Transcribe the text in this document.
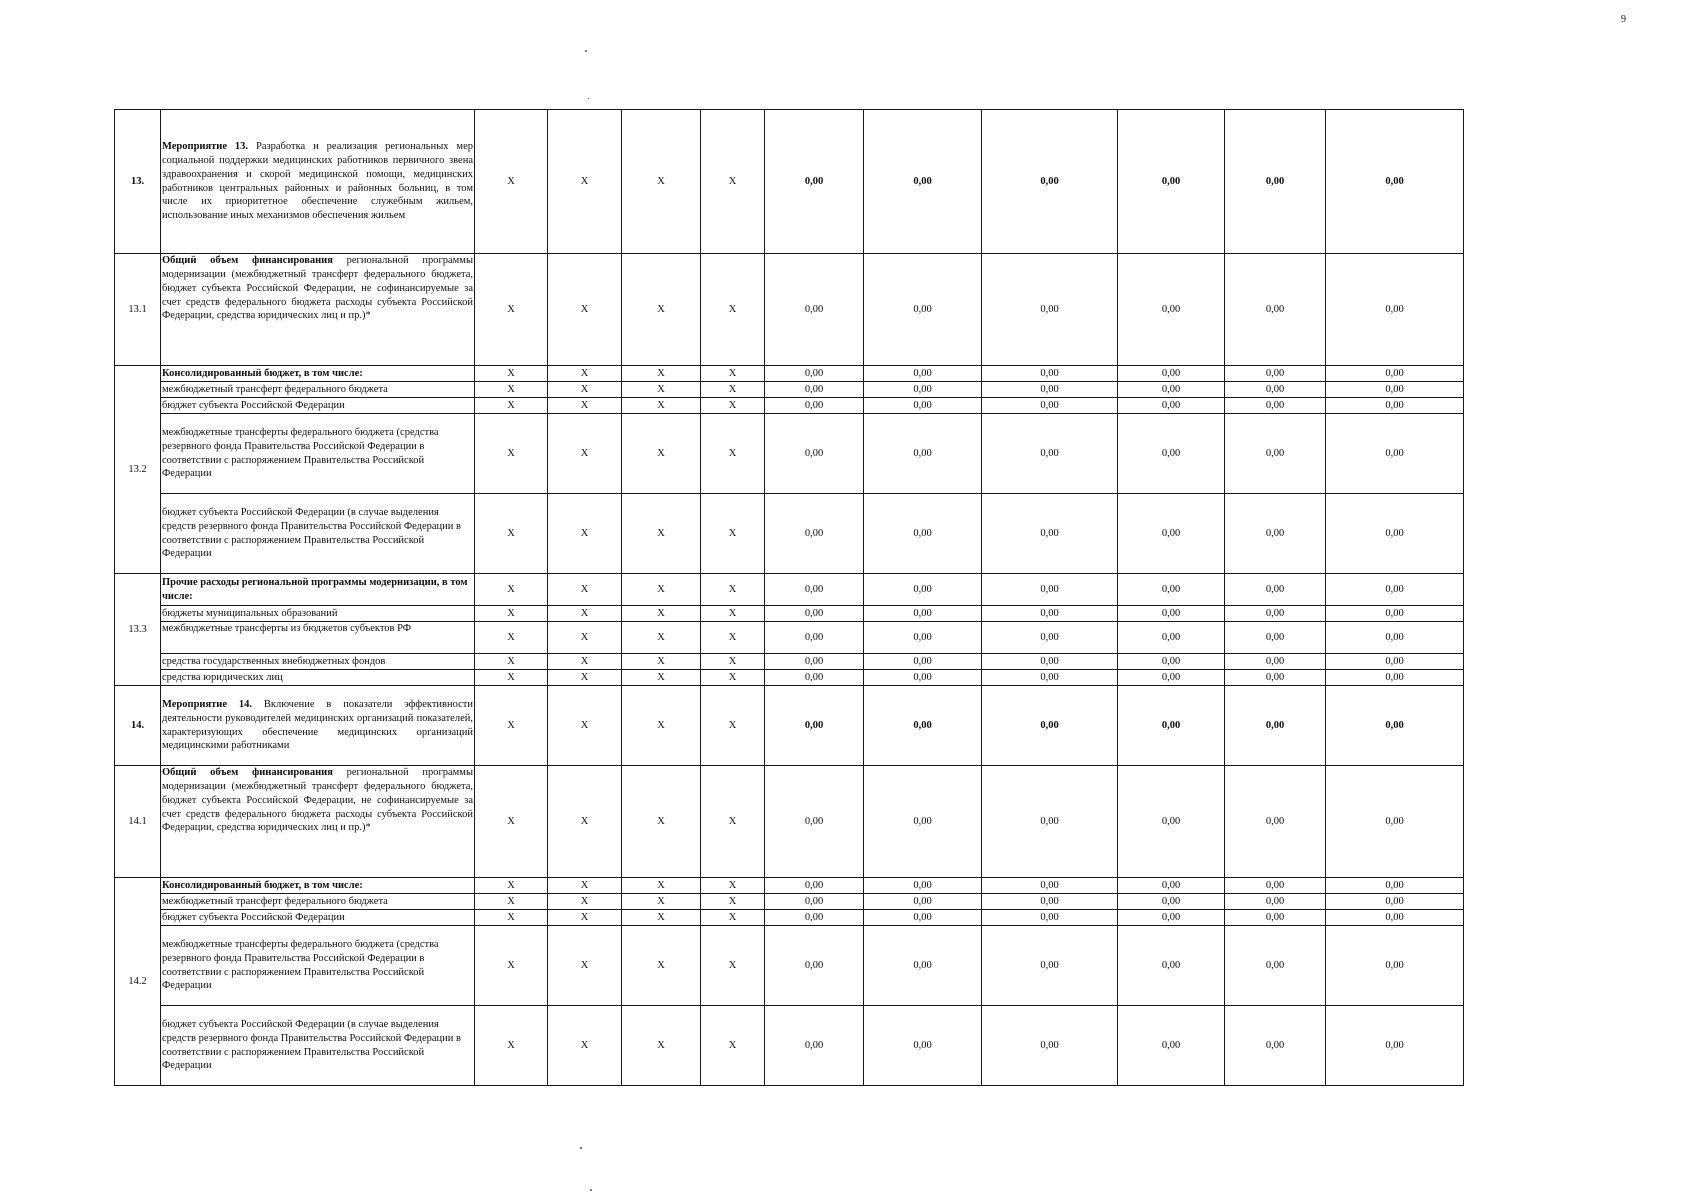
9
13.	Мероприятие 13. Разработка и реализация региональных мер социальной поддержки медицинских работников первичного звена здравоохранения и скорой медицинской помощи, медицинских работников центральных районных и районных больниц, в том числе их приоритетное обеспечение служебным жильем, использование иных механизмов обеспечения жильем	X	X	X	X	0,00	0,00	0,00	0,00	0,00	0,00
13.1	Общий объем финансирования региональной программы модернизации (межбюджетный трансферт федерального бюджета, бюджет субъекта Российской Федерации, не софинансируемые за счет средств федерального бюджета расходы субъекта Российской Федерации, средства юридических лиц и пр.)*	X	X	X	X	0,00	0,00	0,00	0,00	0,00	0,00
13.2	Консолидированный бюджет, в том числе:	X	X	X	X	0,00	0,00	0,00	0,00	0,00	0,00
	межбюджетный трансферт федерального бюджета	X	X	X	X	0,00	0,00	0,00	0,00	0,00	0,00
	бюджет субъекта Российской Федерации	X	X	X	X	0,00	0,00	0,00	0,00	0,00	0,00
	межбюджетные трансферты федерального бюджета (средства резервного фонда Правительства Российской Федерации в соответствии с распоряжением Правительства Российской Федерации	X	X	X	X	0,00	0,00	0,00	0,00	0,00	0,00
	бюджет субъекта Российской Федерации (в случае выделения средств резервного фонда Правительства Российской Федерации в соответствии с распоряжением Правительства Российской Федерации	X	X	X	X	0,00	0,00	0,00	0,00	0,00	0,00
13.3	Прочие расходы региональной программы модернизации, в том числе:	X	X	X	X	0,00	0,00	0,00	0,00	0,00	0,00
	бюджеты муниципальных образований	X	X	X	X	0,00	0,00	0,00	0,00	0,00	0,00
	межбюджетные трансферты из бюджетов субъектов РФ	X	X	X	X	0,00	0,00	0,00	0,00	0,00	0,00
	средства государственных внебюджетных фондов	X	X	X	X	0,00	0,00	0,00	0,00	0,00	0,00
	средства юридических лиц	X	X	X	X	0,00	0,00	0,00	0,00	0,00	0,00
14.	Мероприятие 14. Включение в показатели эффективности деятельности руководителей медицинских организаций показателей, характеризующих обеспечение медицинских организаций медицинскими работниками	X	X	X	X	0,00	0,00	0,00	0,00	0,00	0,00
14.1	Общий объем финансирования региональной программы модернизации (межбюджетный трансферт федерального бюджета, бюджет субъекта Российской Федерации, не софинансируемые за счет средств федерального бюджета расходы субъекта Российской Федерации, средства юридических лиц и пр.)*	X	X	X	X	0,00	0,00	0,00	0,00	0,00	0,00
14.2	Консолидированный бюджет, в том числе:	X	X	X	X	0,00	0,00	0,00	0,00	0,00	0,00
	межбюджетный трансферт федерального бюджета	X	X	X	X	0,00	0,00	0,00	0,00	0,00	0,00
	бюджет субъекта Российской Федерации	X	X	X	X	0,00	0,00	0,00	0,00	0,00	0,00
	межбюджетные трансферты федерального бюджета (средства резервного фонда Правительства Российской Федерации в соответствии с распоряжением Правительства Российской Федерации	X	X	X	X	0,00	0,00	0,00	0,00	0,00	0,00
	бюджет субъекта Российской Федерации (в случае выделения средств резервного фонда Правительства Российской Федерации в соответствии с распоряжением Правительства Российской Федерации	X	X	X	X	0,00	0,00	0,00	0,00	0,00	0,00
